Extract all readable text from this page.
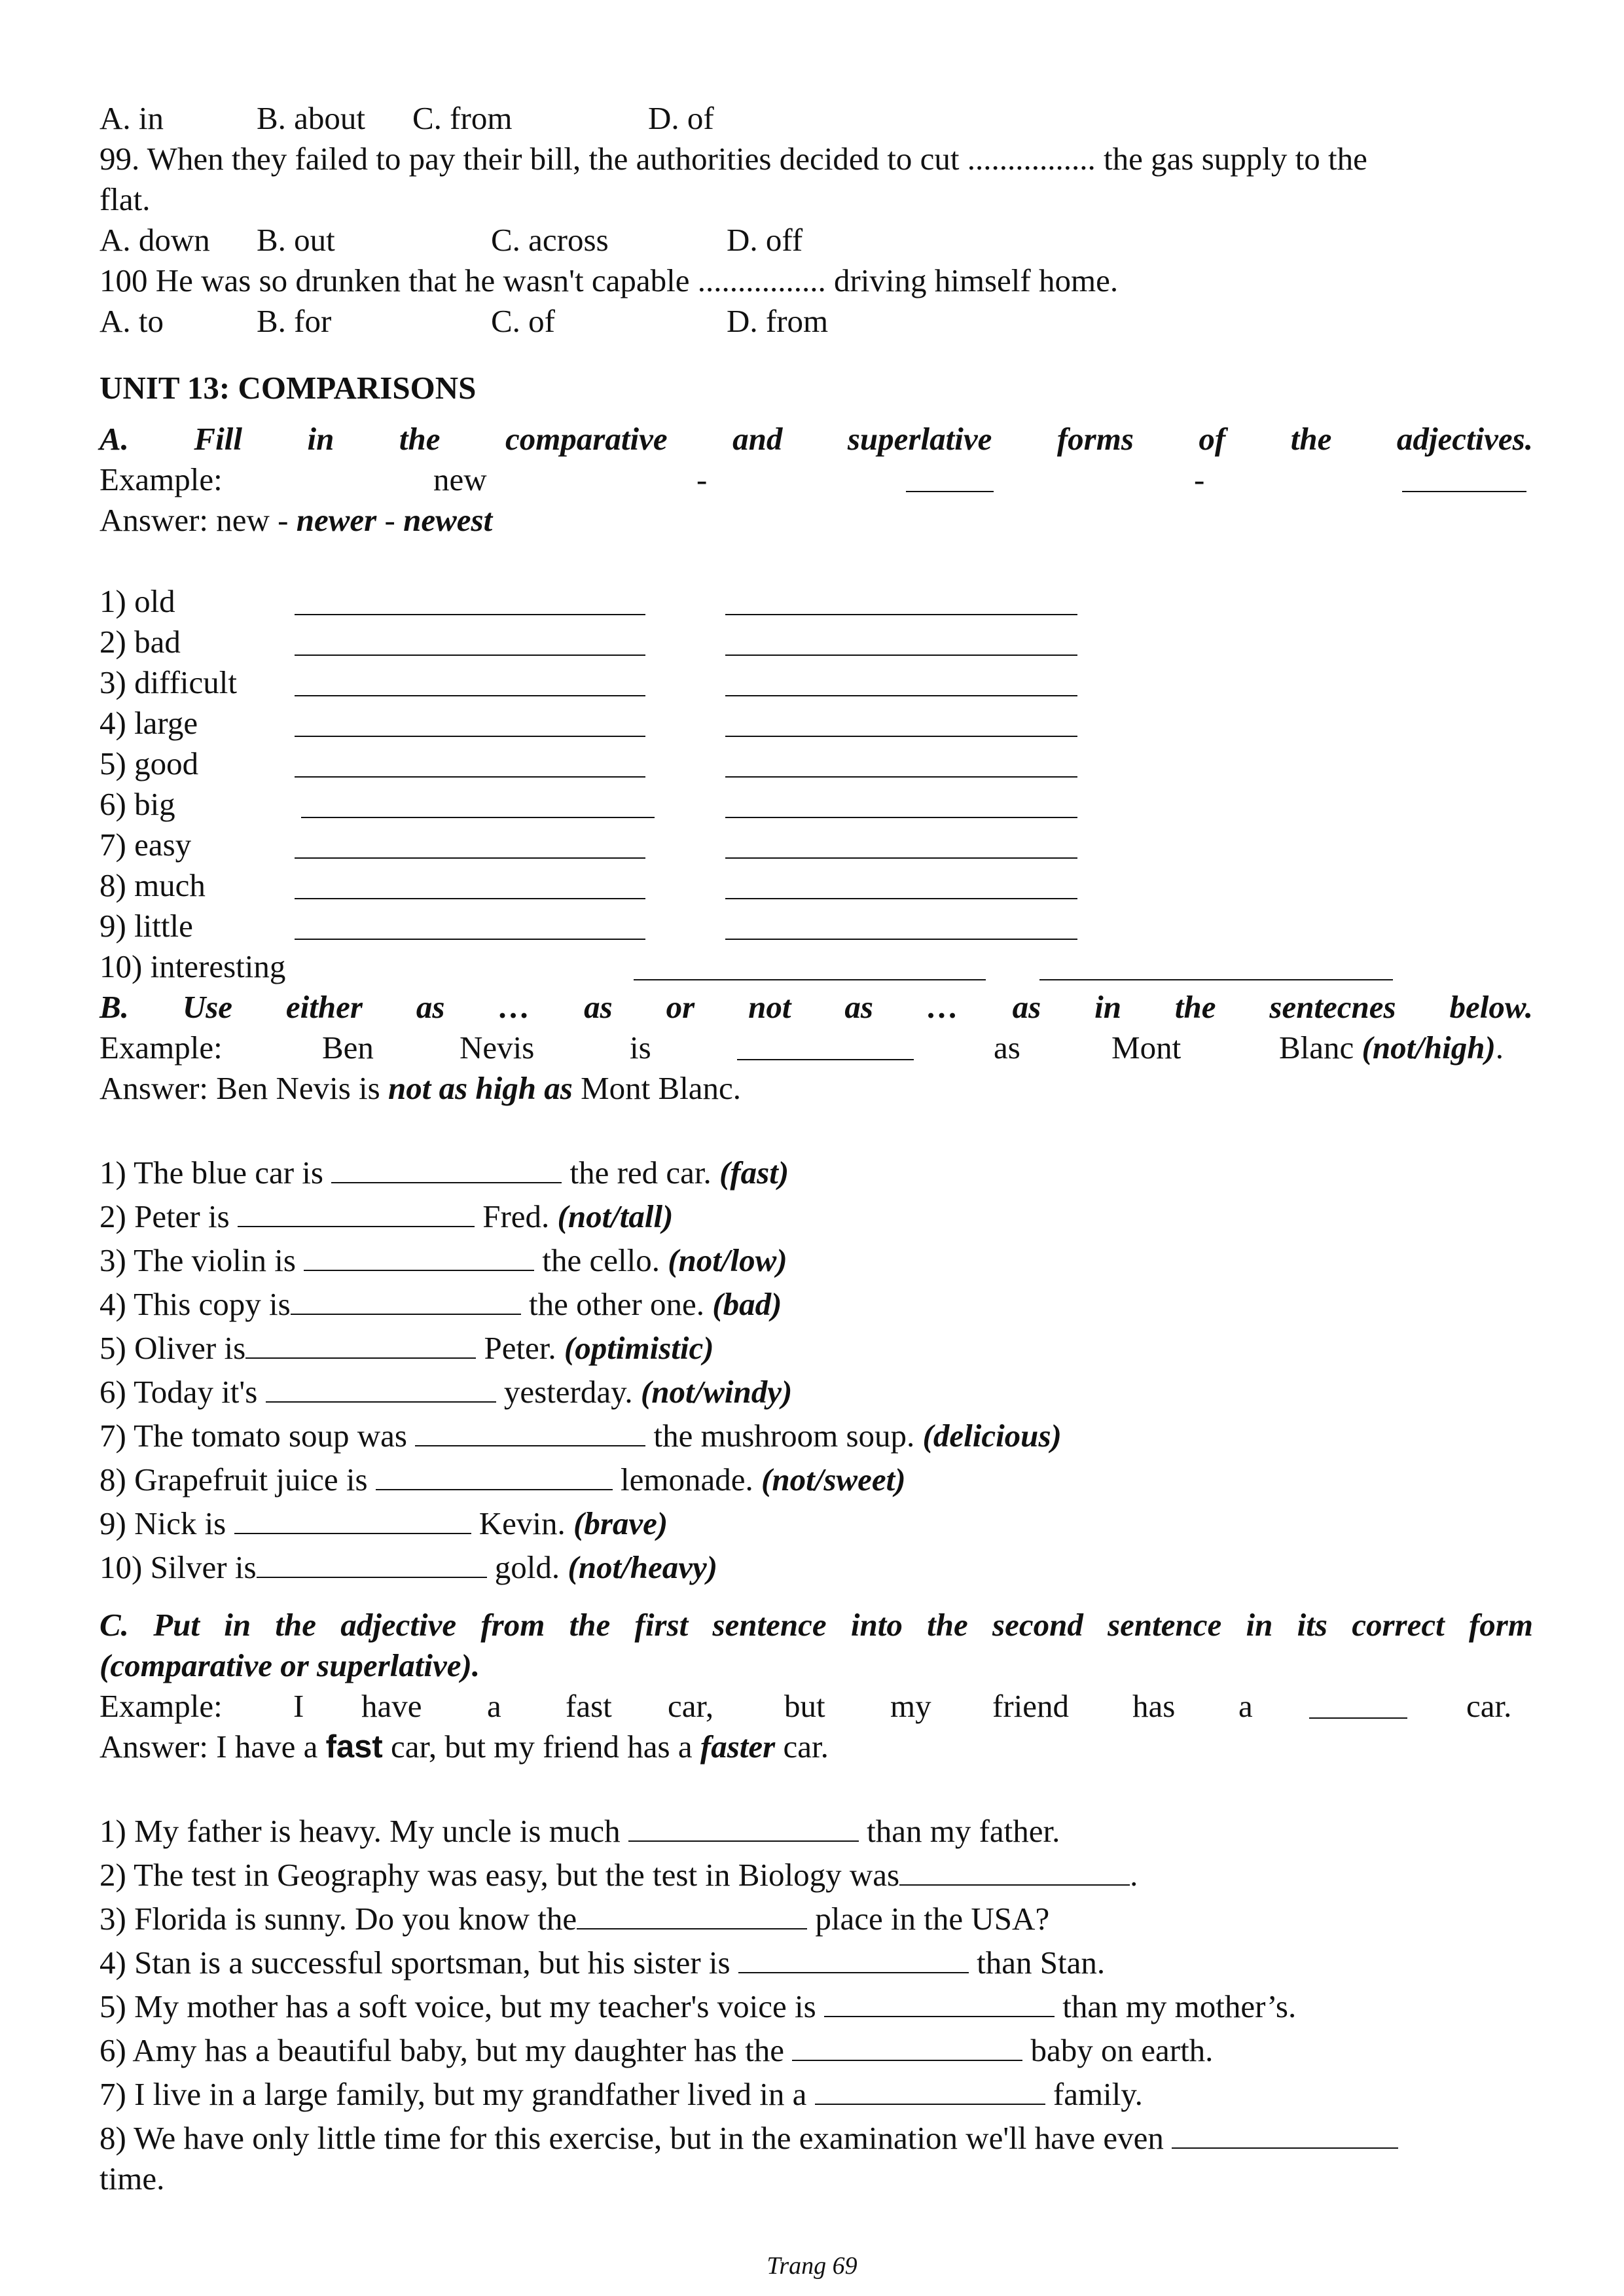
A. in	B. about C. from	D. of
99. When they failed to pay their bill, the authorities decided to cut ................ the gas supply to the
flat.
A. down B. out	C. across	D. off
100 He was so drunken that he wasn't capable ................ driving himself home.
A. to	B. for	C. of	D. from
UNIT 13: COMPARISONS
A. Fill in the comparative and superlative forms of the adjectives.
Example:	new	-	-
Answer: new - newer - newest
1) old
2) bad
3) difficult
4) large
5) good
6) big
7) easy
8) much
9) little
10) interesting
B. Use either as … as or not as … as in the sentecnes below.
Example:	Ben	Nevis	is	as	Mont	Blanc (not/high).
Answer: Ben Nevis is not as high as Mont Blanc.
1) The blue car is	the red car. (fast)
2) Peter is	Fred. (not/tall)
3) The violin is	the cello. (not/low)
4) This copy is	the other one. (bad)
5) Oliver is	Peter. (optimistic)
6) Today it's	yesterday. (not/windy)
7) The tomato soup was	the mushroom soup. (delicious)
8) Grapefruit juice is	lemonade. (not/sweet)
9) Nick is	Kevin. (brave)
10) Silver is	gold. (not/heavy)
C. Put in the adjective from the first sentence into the second sentence in its correct form
(comparative or superlative).
Example: I have a fast car, but my friend has a	car.
Answer: I have a fast car, but my friend has a faster car.
1) My father is heavy. My uncle is much	than my father.
2) The test in Geography was easy, but the test in Biology was	.
3) Florida is sunny. Do you know the	place in the USA?
4) Stan is a successful sportsman, but his sister is	than Stan.
5) My mother has a soft voice, but my teacher's voice is	than my mother’s.
6) Amy has a beautiful baby, but my daughter has the	baby on earth.
7) I live in a large family, but my grandfather lived in a	family.
8) We have only little time for this exercise, but in the examination we'll have even
time.
Trang 69
